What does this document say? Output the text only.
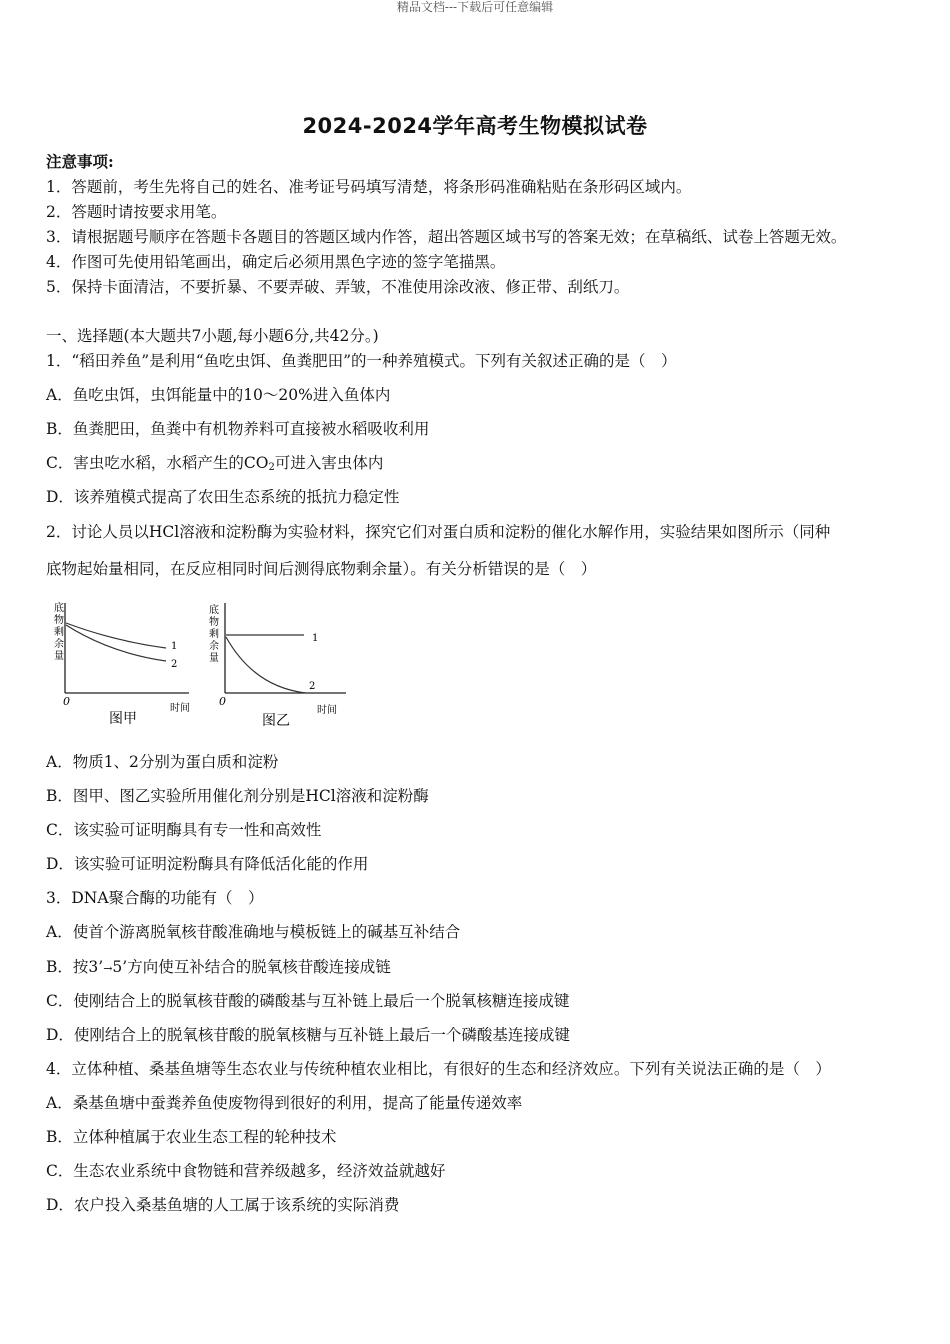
精品文档---下载后可任意编辑
2024-2024学年高考生物模拟试卷
注意事项:
1．答题前，考生先将自己的姓名、准考证号码填写清楚，将条形码准确粘贴在条形码区域内。
2．答题时请按要求用笔。
3．请根据题号顺序在答题卡各题目的答题区域内作答，超出答题区域书写的答案无效；在草稿纸、试卷上答题无效。
4．作图可先使用铅笔画出，确定后必须用黑色字迹的签字笔描黑。
5．保持卡面清洁，不要折暴、不要弄破、弄皱，不准使用涂改液、修正带、刮纸刀。
一、选择题(本大题共7小题,每小题6分,共42分。)
1．“稻田养鱼”是利用“鱼吃虫饵、鱼粪肥田”的一种养殖模式。下列有关叙述正确的是（　）
A．鱼吃虫饵，虫饵能量中的10～20%进入鱼体内
B．鱼粪肥田，鱼粪中有机物养料可直接被水稻吸收利用
C．害虫吃水稻，水稻产生的$CO_2$可进入害虫体内
D．该养殖模式提高了农田生态系统的抵抗力稳定性
2．讨论人员以HCl溶液和淀粉酶为实验材料，探究它们对蛋白质和淀粉的催化水解作用，实验结果如图所示（同种
底物起始量相同，在反应相同时间后测得底物剩余量）。有关分析错误的是（　）
底
物
剩
余
量
1
2
0
图甲
时间
底
物
剩
余
量
1
2
0
图乙
时间
A．物质1、2分别为蛋白质和淀粉
B．图甲、图乙实验所用催化剂分别是HCl溶液和淀粉酶
C．该实验可证明酶具有专一性和高效性
D．该实验可证明淀粉酶具有降低活化能的作用
3．DNA聚合酶的功能有（　）
A．使首个游离脱氧核苷酸准确地与模板链上的碱基互补结合
B．按3’→5’方向使互补结合的脱氧核苷酸连接成链
C．使刚结合上的脱氧核苷酸的磷酸基与互补链上最后一个脱氧核糖连接成键
D．使刚结合上的脱氧核苷酸的脱氧核糖与互补链上最后一个磷酸基连接成键
4．立体种植、桑基鱼塘等生态农业与传统种植农业相比，有很好的生态和经济效应。下列有关说法正确的是（　）
A．桑基鱼塘中蚕粪养鱼使废物得到很好的利用，提高了能量传递效率
B．立体种植属于农业生态工程的轮种技术
C．生态农业系统中食物链和营养级越多，经济效益就越好
D．农户投入桑基鱼塘的人工属于该系统的实际消费
